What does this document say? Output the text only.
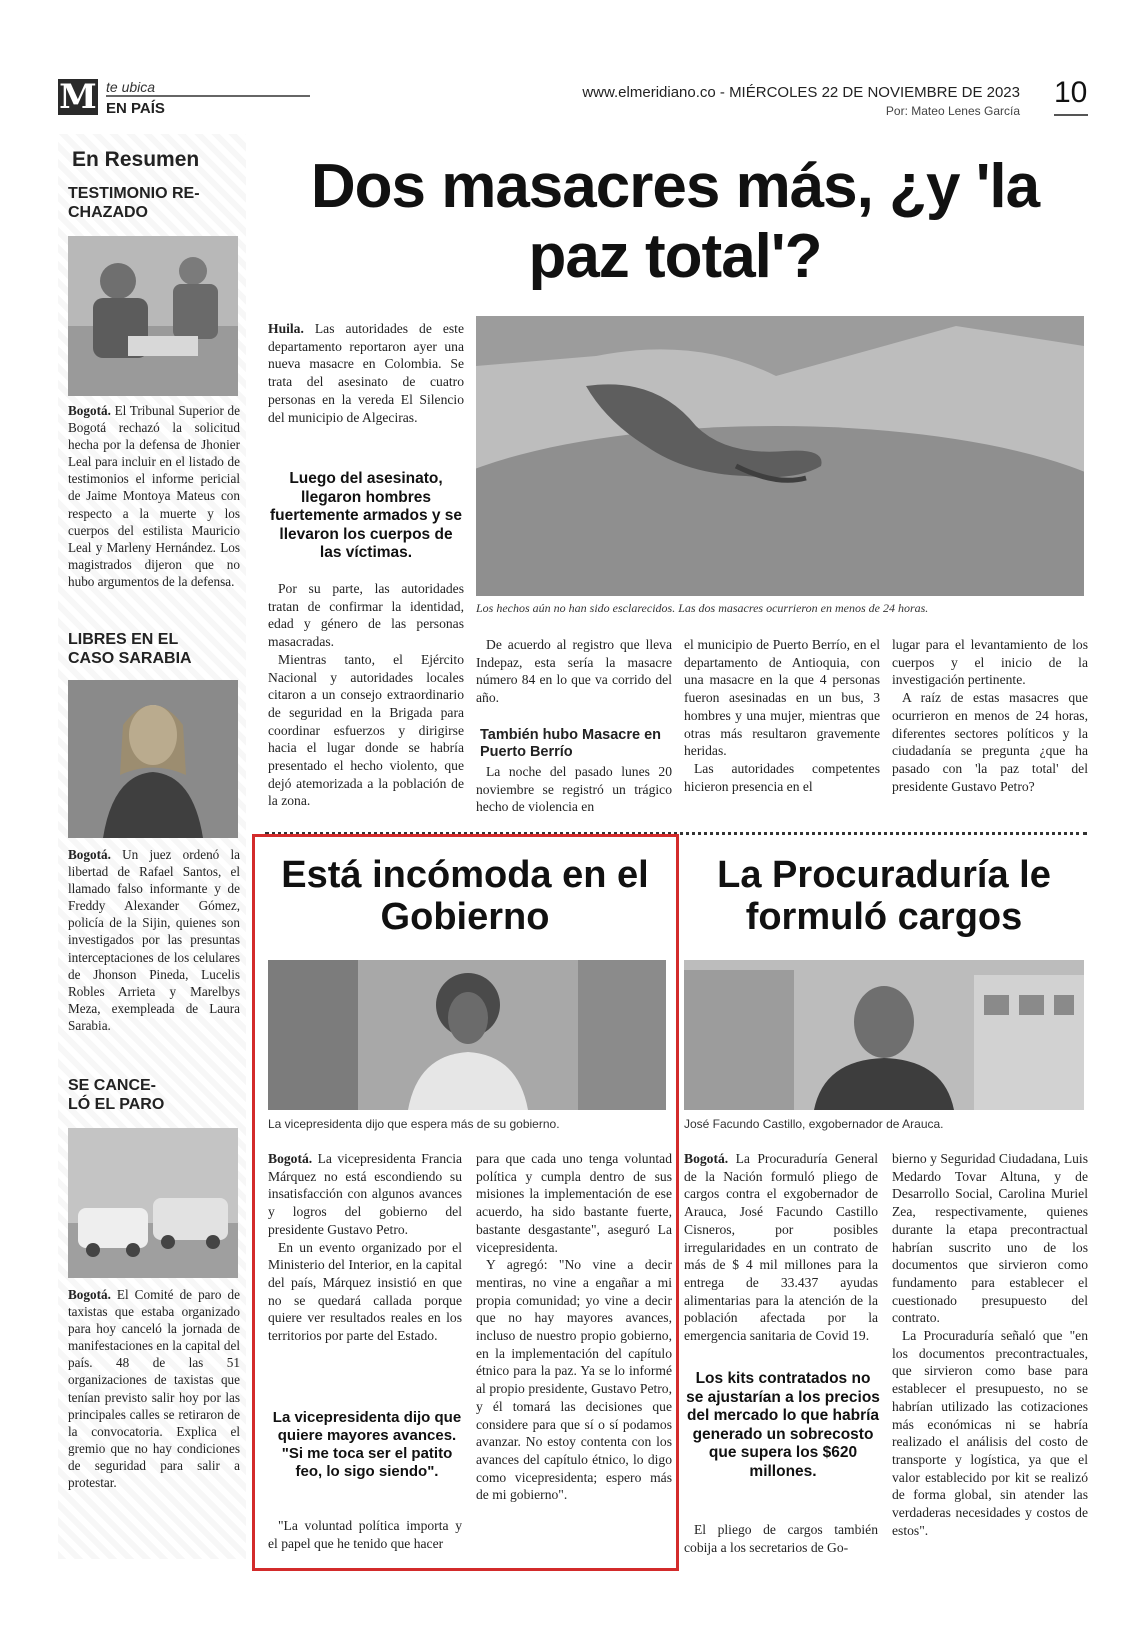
M te ubica
EN PAÍS
www.elmeridiano.co - MIÉRCOLES 22 DE NOVIEMBRE DE 2023
Por: Mateo Lenes García
10
En Resumen
TESTIMONIO RE-
CHAZADO
Bogotá. El Tribunal Superior de Bogotá rechazó la solicitud hecha por la defensa de Jhonier Leal para incluir en el listado de testimonios el informe pericial de Jaime Montoya Mateus con respecto a la muerte y los cuerpos del estilista Mauricio Leal y Marleny Hernández. Los magistrados dijeron que no hubo argumentos de la defensa.
LIBRES EN EL
CASO SARABIA
Bogotá. Un juez ordenó la libertad de Rafael Santos, el llamado falso informante y de Freddy Alexander Gómez, policía de la Sijin, quienes son investigados por las presuntas interceptaciones de los celulares de Jhonson Pineda, Lucelis Robles Arrieta y Marelbys Meza, exempleada de Laura Sarabia.
SE CANCE-
LÓ EL PARO
Bogotá. El Comité de paro de taxistas que estaba organizado para hoy canceló la jornada de manifestaciones en la capital del país. 48 de las 51 organizaciones de taxistas que tenían previsto salir hoy por las principales calles se retiraron de la convocatoria. Explica el gremio que no hay condiciones de seguridad para salir a protestar.
Dos masacres más, ¿y 'la paz total'?

Huila. Las autoridades de este departamento reportaron ayer una nueva masacre en Colombia. Se trata del asesinato de cuatro personas en la vereda El Silencio del municipio de Algeciras.

Luego del asesinato, llegaron hombres fuertemente armados y se llevaron los cuerpos de las víctimas.

Por su parte, las autoridades tratan de confirmar la identidad, edad y género de las personas masacradas.

Mientras tanto, el Ejército Nacional y autoridades locales citaron a un consejo extraordinario de seguridad en la Brigada para coordinar esfuerzos y dirigirse hacia el lugar donde se habría presentado el hecho violento, que dejó atemorizada a la población de la zona.

Los hechos aún no han sido esclarecidos. Las dos masacres ocurrieron en menos de 24 horas.

De acuerdo al registro que lleva Indepaz, esta sería la masacre número 84 en lo que va corrido del año.

También hubo Masacre en Puerto Berrío

La noche del pasado lunes 20 noviembre se registró un trágico hecho de violencia en

el municipio de Puerto Berrío, en el departamento de Antioquia, con una masacre en la que 4 personas fueron asesinadas en un bus, 3 hombres y una mujer, mientras que otras más resultaron gravemente heridas.

Las autoridades competentes hicieron presencia en el

lugar para el levantamiento de los cuerpos y el inicio de la investigación pertinente.

A raíz de estas masacres que ocurrieron en menos de 24 horas, diferentes sectores políticos y la ciudadanía se pregunta ¿que ha pasado con 'la paz total' del presidente Gustavo Petro?

Está incómoda en el Gobierno
La vicepresidenta dijo que espera más de su gobierno.

Bogotá. La vicepresidenta Francia Márquez no está escondiendo su insatisfacción con algunos avances y logros del gobierno del presidente Gustavo Petro.

En un evento organizado por el Ministerio del Interior, en la capital del país, Márquez insistió en que no se quedará callada porque quiere ver resultados reales en los territorios por parte del Estado.

La vicepresidenta dijo que quiere mayores avances. "Si me toca ser el patito feo, lo sigo siendo".

"La voluntad política importa y el papel que he tenido que hacer

para que cada uno tenga voluntad política y cumpla dentro de sus misiones la implementación de ese acuerdo, ha sido bastante fuerte, bastante desgastante", aseguró La vicepresidenta.

Y agregó: "No vine a decir mentiras, no vine a engañar a mi propia comunidad; yo vine a decir que no hay mayores avances, incluso de nuestro propio gobierno, en la implementación del capítulo étnico para la paz. Ya se lo informé al propio presidente, Gustavo Petro, y él tomará las decisiones que considere para que sí o sí podamos avanzar. No estoy contenta con los avances del capítulo étnico, lo digo como vicepresidenta; espero más de mi gobierno".

La Procuraduría le formuló cargos
José Facundo Castillo, exgobernador de Arauca.

Bogotá. La Procuraduría General de la Nación formuló pliego de cargos contra el exgobernador de Arauca, José Facundo Castillo Cisneros, por posibles irregularidades en un contrato de más de $ 4 mil millones para la entrega de 33.437 ayudas alimentarias para la atención de la población afectada por la emergencia sanitaria de Covid 19.

Los kits contratados no se ajustarían a los precios del mercado lo que habría generado un sobrecosto que supera los $620 millones.

El pliego de cargos también cobija a los secretarios de Go-

bierno y Seguridad Ciudadana, Luis Medardo Tovar Altuna, y de Desarrollo Social, Carolina Muriel Zea, respectivamente, quienes durante la etapa precontractual habrían suscrito uno de los documentos que sirvieron como fundamento para establecer el cuestionado presupuesto del contrato.

La Procuraduría señaló que "en los documentos precontractuales, que sirvieron como base para establecer el presupuesto, no se habrían utilizado las cotizaciones más económicas ni se habría realizado el análisis del costo de transporte y logística, ya que el valor establecido por kit se realizó de forma global, sin atender las verdaderas necesidades y costos de estos".
